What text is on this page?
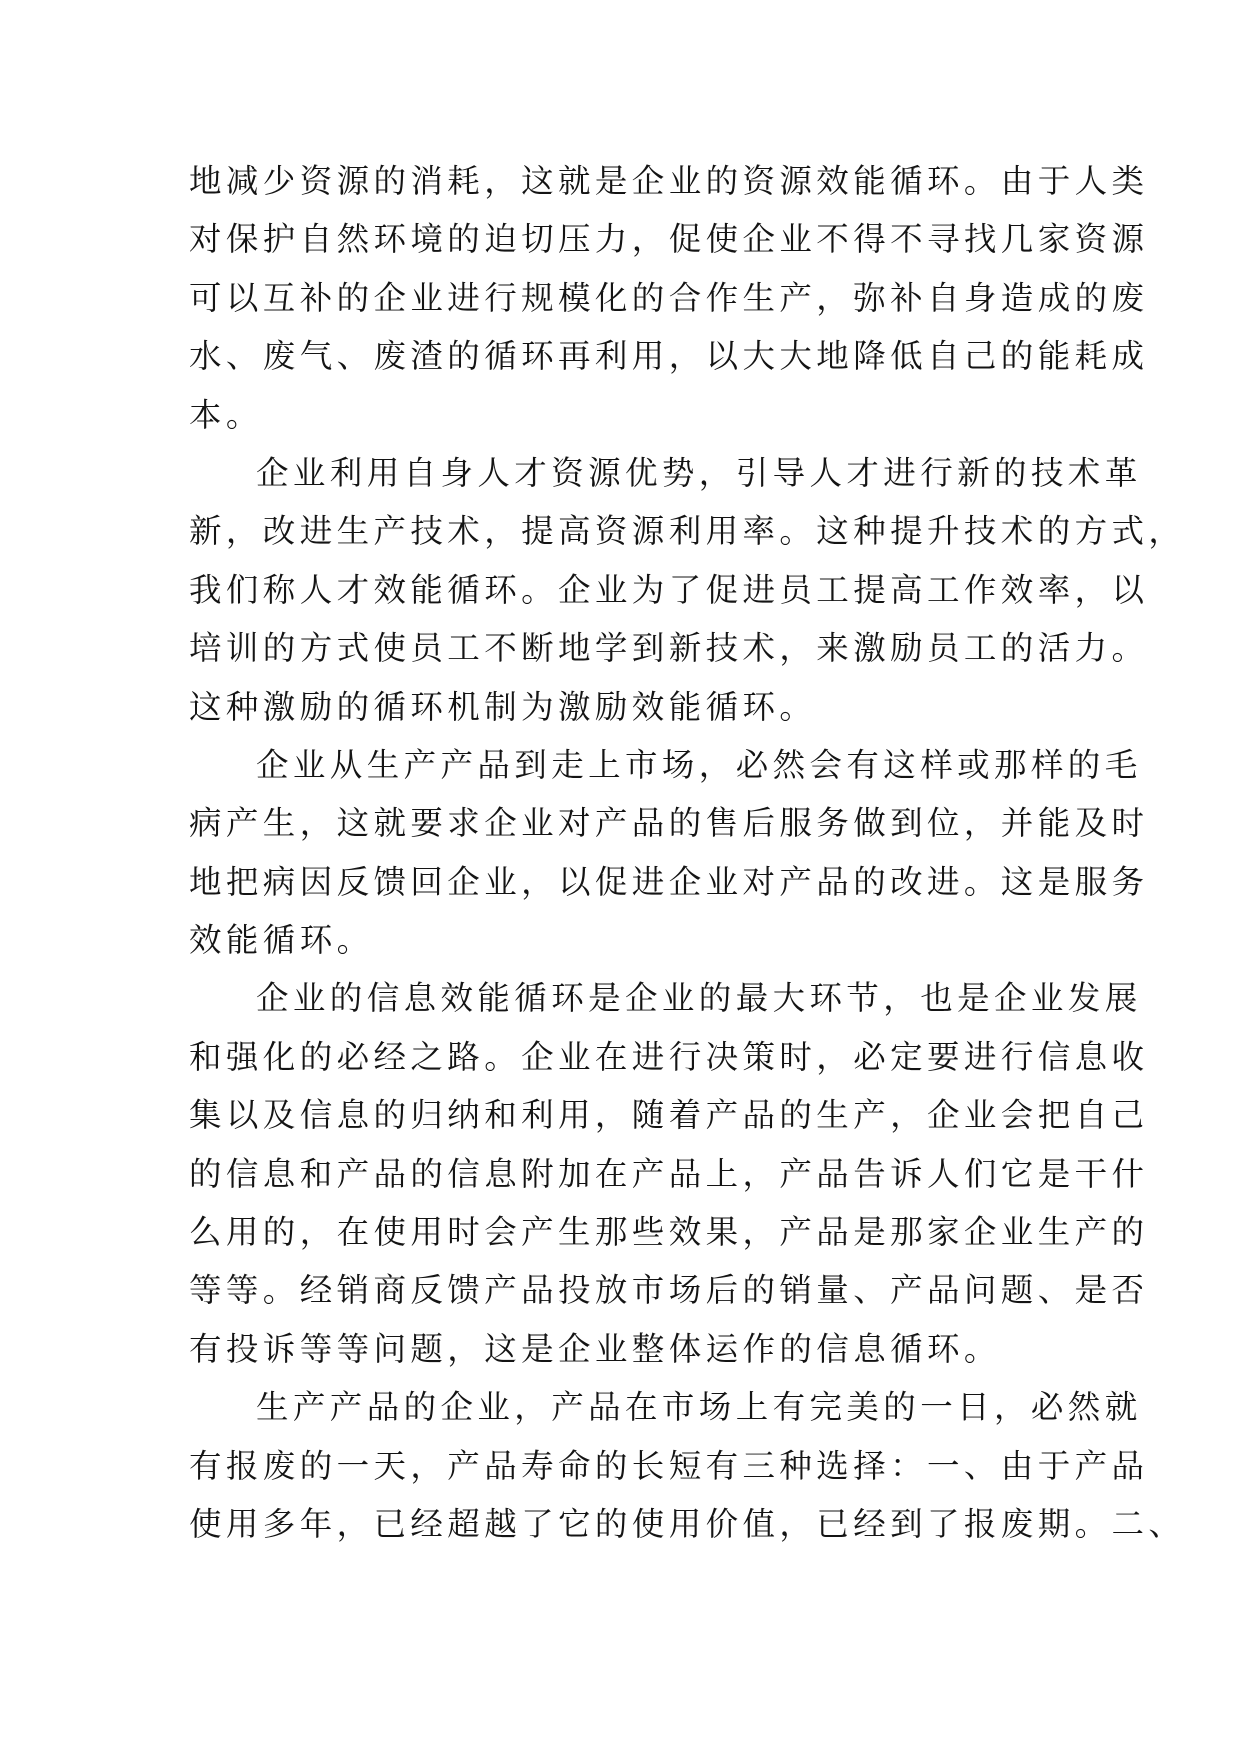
地减少资源的消耗，这就是企业的资源效能循环。由于人类
对保护自然环境的迫切压力，促使企业不得不寻找几家资源
可以互补的企业进行规模化的合作生产，弥补自身造成的废
水、废气、废渣的循环再利用，以大大地降低自己的能耗成
本。
企业利用自身人才资源优势，引导人才进行新的技术革
新，改进生产技术，提高资源利用率。这种提升技术的方式，
我们称人才效能循环。企业为了促进员工提高工作效率，以
培训的方式使员工不断地学到新技术，来激励员工的活力。
这种激励的循环机制为激励效能循环。
企业从生产产品到走上市场，必然会有这样或那样的毛
病产生，这就要求企业对产品的售后服务做到位，并能及时
地把病因反馈回企业，以促进企业对产品的改进。这是服务
效能循环。
企业的信息效能循环是企业的最大环节，也是企业发展
和强化的必经之路。企业在进行决策时，必定要进行信息收
集以及信息的归纳和利用，随着产品的生产，企业会把自己
的信息和产品的信息附加在产品上，产品告诉人们它是干什
么用的，在使用时会产生那些效果，产品是那家企业生产的
等等。经销商反馈产品投放市场后的销量、产品问题、是否
有投诉等等问题，这是企业整体运作的信息循环。
生产产品的企业，产品在市场上有完美的一日，必然就
有报废的一天，产品寿命的长短有三种选择：一、由于产品
使用多年，已经超越了它的使用价值，已经到了报废期。二、
